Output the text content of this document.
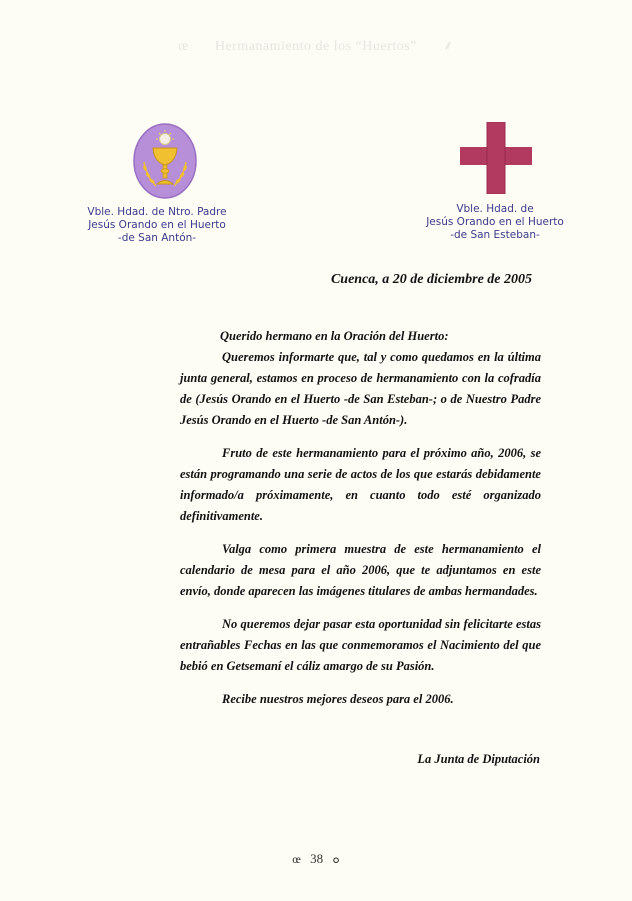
œ Hermanamiento de los “Huertos” ⸙
Vble. Hdad. de Ntro. Padre
Jesús Orando en el Huerto
-de San Antón-
Vble. Hdad. de
Jesús Orando en el Huerto
-de San Esteban-
Cuenca, a 20 de diciembre de 2005

Querido hermano en la Oración del Huerto:

Queremos informarte que, tal y como quedamos en la última junta general, estamos en proceso de hermanamiento con la cofradía de (Jesús Orando en el Huerto -de San Esteban-; o de Nuestro Padre Jesús Orando en el Huerto -de San Antón-).

Fruto de este hermanamiento para el próximo año, 2006, se están programando una serie de actos de los que estarás debidamente informado/a próximamente, en cuanto todo esté organizado definitivamente.

Valga como primera muestra de este hermanamiento el calendario de mesa para el año 2006, que te adjuntamos en este envío, donde aparecen las imágenes titulares de ambas hermandades.

No queremos dejar pasar esta oportunidad sin felicitarte estas entrañables Fechas en las que conmemoramos el Nacimiento del que bebió en Getsemaní el cáliz amargo de su Pasión.

Recibe nuestros mejores deseos para el 2006.

La Junta de Diputación
œ 38 ๐
